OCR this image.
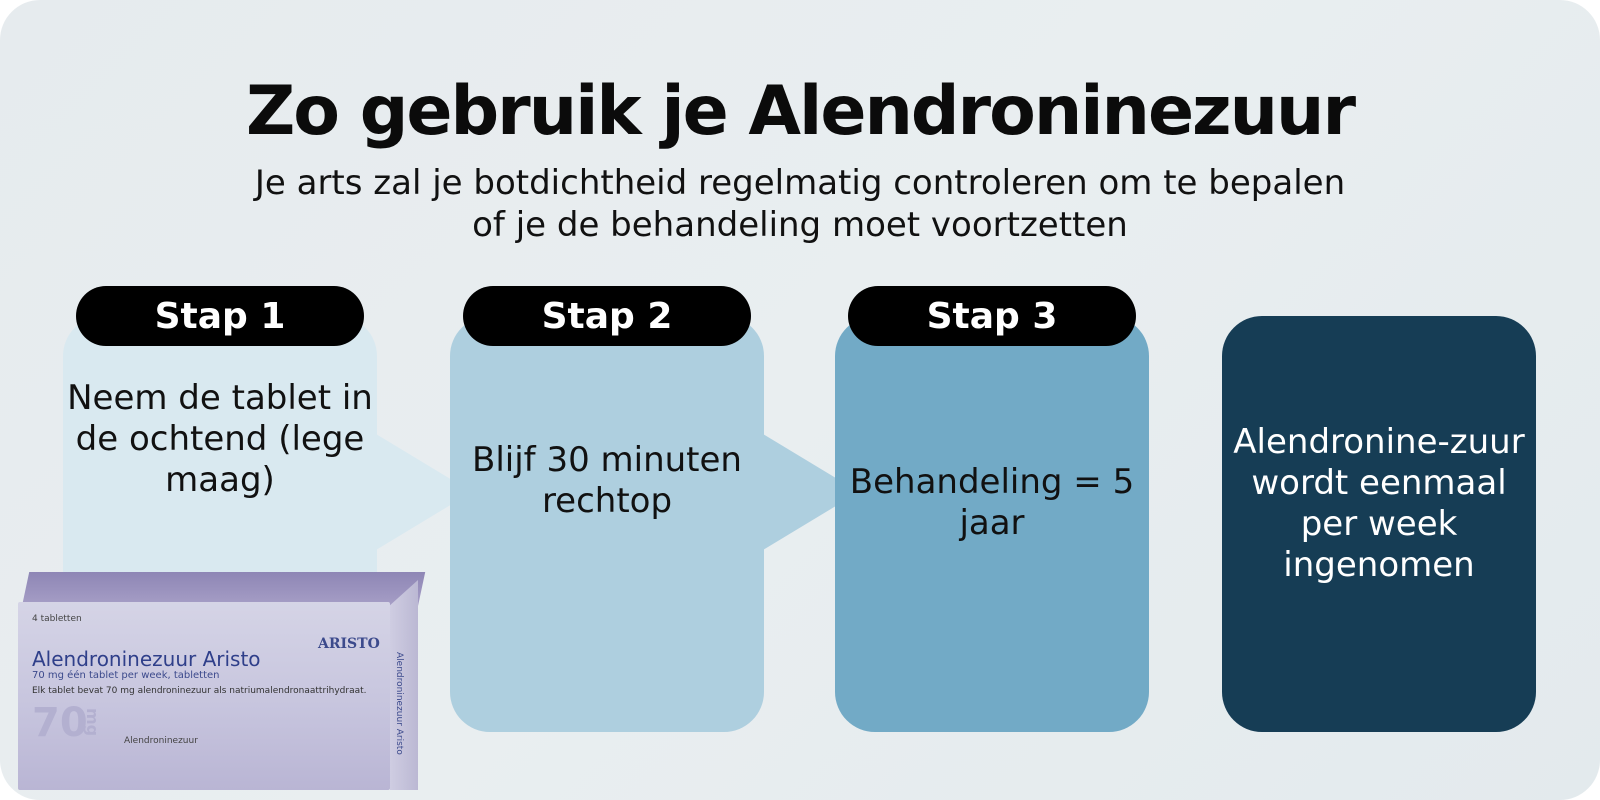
Zo gebruik je Alendroninezuur
Je arts zal je botdichtheid regelmatig controleren om te bepalen of je de behandeling moet voortzetten
Stap 1	Stap 2	Stap 3
Neem de tablet in de ochtend (lege maag)	Blijf 30 minuten rechtop	Behandeling = 5 jaar
Alendronine-zuur wordt eenmaal per week ingenomen
4 tabletten
ARISTO
Alendroninezuur Aristo
70 mg één tablet per week, tabletten
Elk tablet bevat 70 mg alendroninezuur als natriumalendronaattrihydraat.
70
mg
Alendroninezuur	Alendroninezuur Aristo
